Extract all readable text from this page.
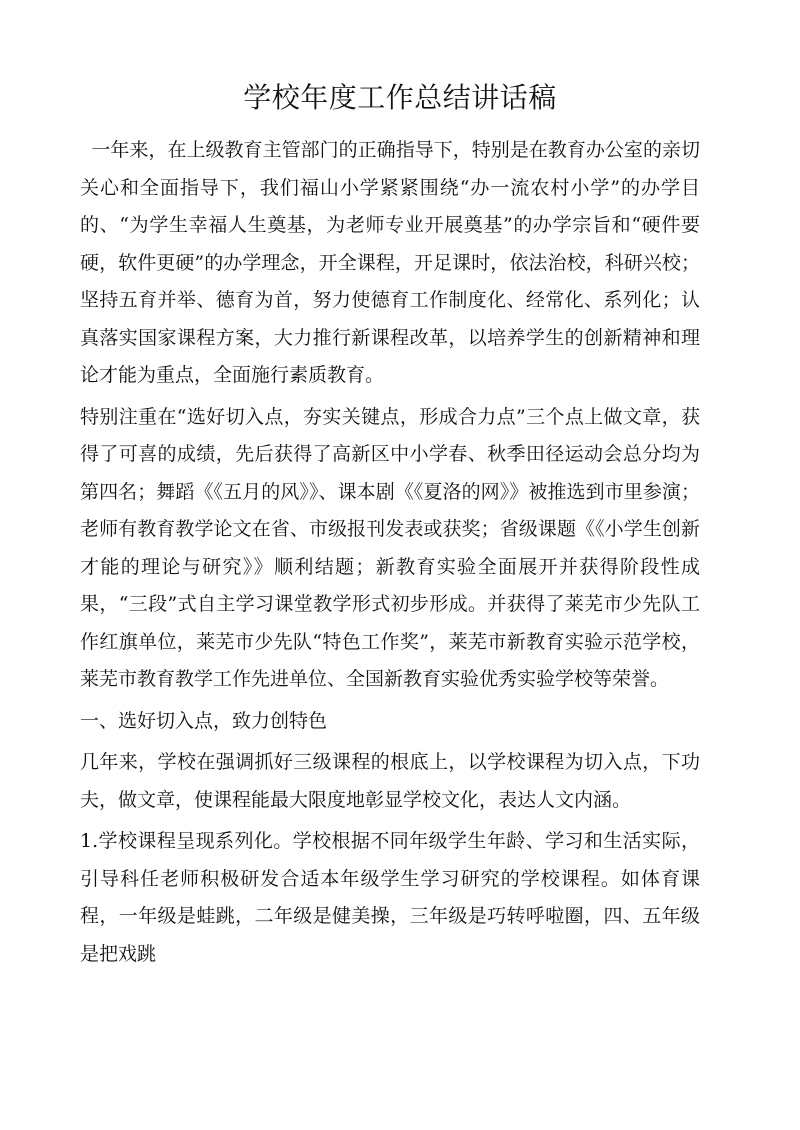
学校年度工作总结讲话稿

一年来，在上级教育主管部门的正确指导下，特别是在教育办公室的亲切关心和全面指导下，我们福山小学紧紧围绕“办一流农村小学”的办学目的、“为学生幸福人生奠基，为老师专业开展奠基”的办学宗旨和“硬件要硬，软件更硬”的办学理念，开全课程，开足课时，依法治校，科研兴校；坚持五育并举、德育为首，努力使德育工作制度化、经常化、系列化；认真落实国家课程方案，大力推行新课程改革，以培养学生的创新精神和理论才能为重点，全面施行素质教育。

特别注重在“选好切入点，夯实关键点，形成合力点”三个点上做文章，获得了可喜的成绩，先后获得了高新区中小学春、秋季田径运动会总分均为第四名；舞蹈《《五月的风》》、课本剧《《夏洛的网》》被推选到市里参演；老师有教育教学论文在省、市级报刊发表或获奖；省级课题《《小学生创新才能的理论与研究》》顺利结题；新教育实验全面展开并获得阶段性成果，“三段”式自主学习课堂教学形式初步形成。并获得了莱芜市少先队工作红旗单位，莱芜市少先队“特色工作奖”，莱芜市新教育实验示范学校，莱芜市教育教学工作先进单位、全国新教育实验优秀实验学校等荣誉。

一、选好切入点，致力创特色

几年来，学校在强调抓好三级课程的根底上，以学校课程为切入点，下功夫，做文章，使课程能最大限度地彰显学校文化，表达人文内涵。

1.学校课程呈现系列化。学校根据不同年级学生年龄、学习和生活实际，引导科任老师积极研发合适本年级学生学习研究的学校课程。如体育课程，一年级是蛙跳，二年级是健美操，三年级是巧转呼啦圈，四、五年级是把戏跳
